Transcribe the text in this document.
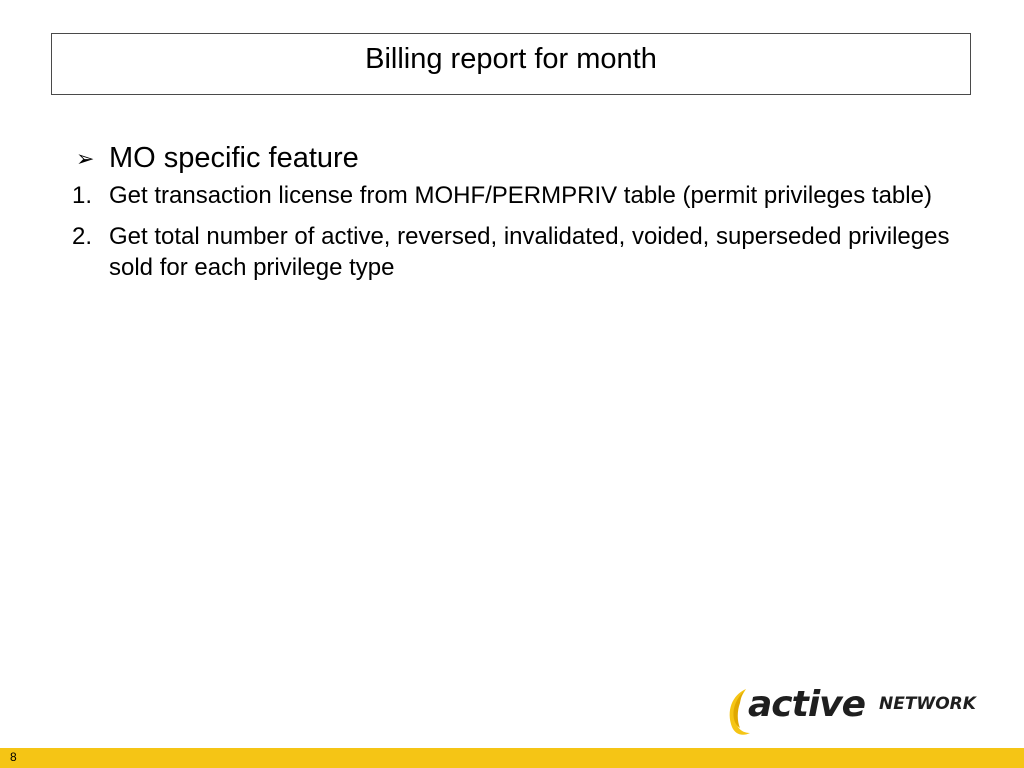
Billing report for month
➢ MO specific feature
1. Get transaction license from MOHF/PERMPRIV table (permit privileges table)
2. Get total number of active, reversed, invalidated, voided, superseded privileges sold for each privilege type
active NETWORK
8
